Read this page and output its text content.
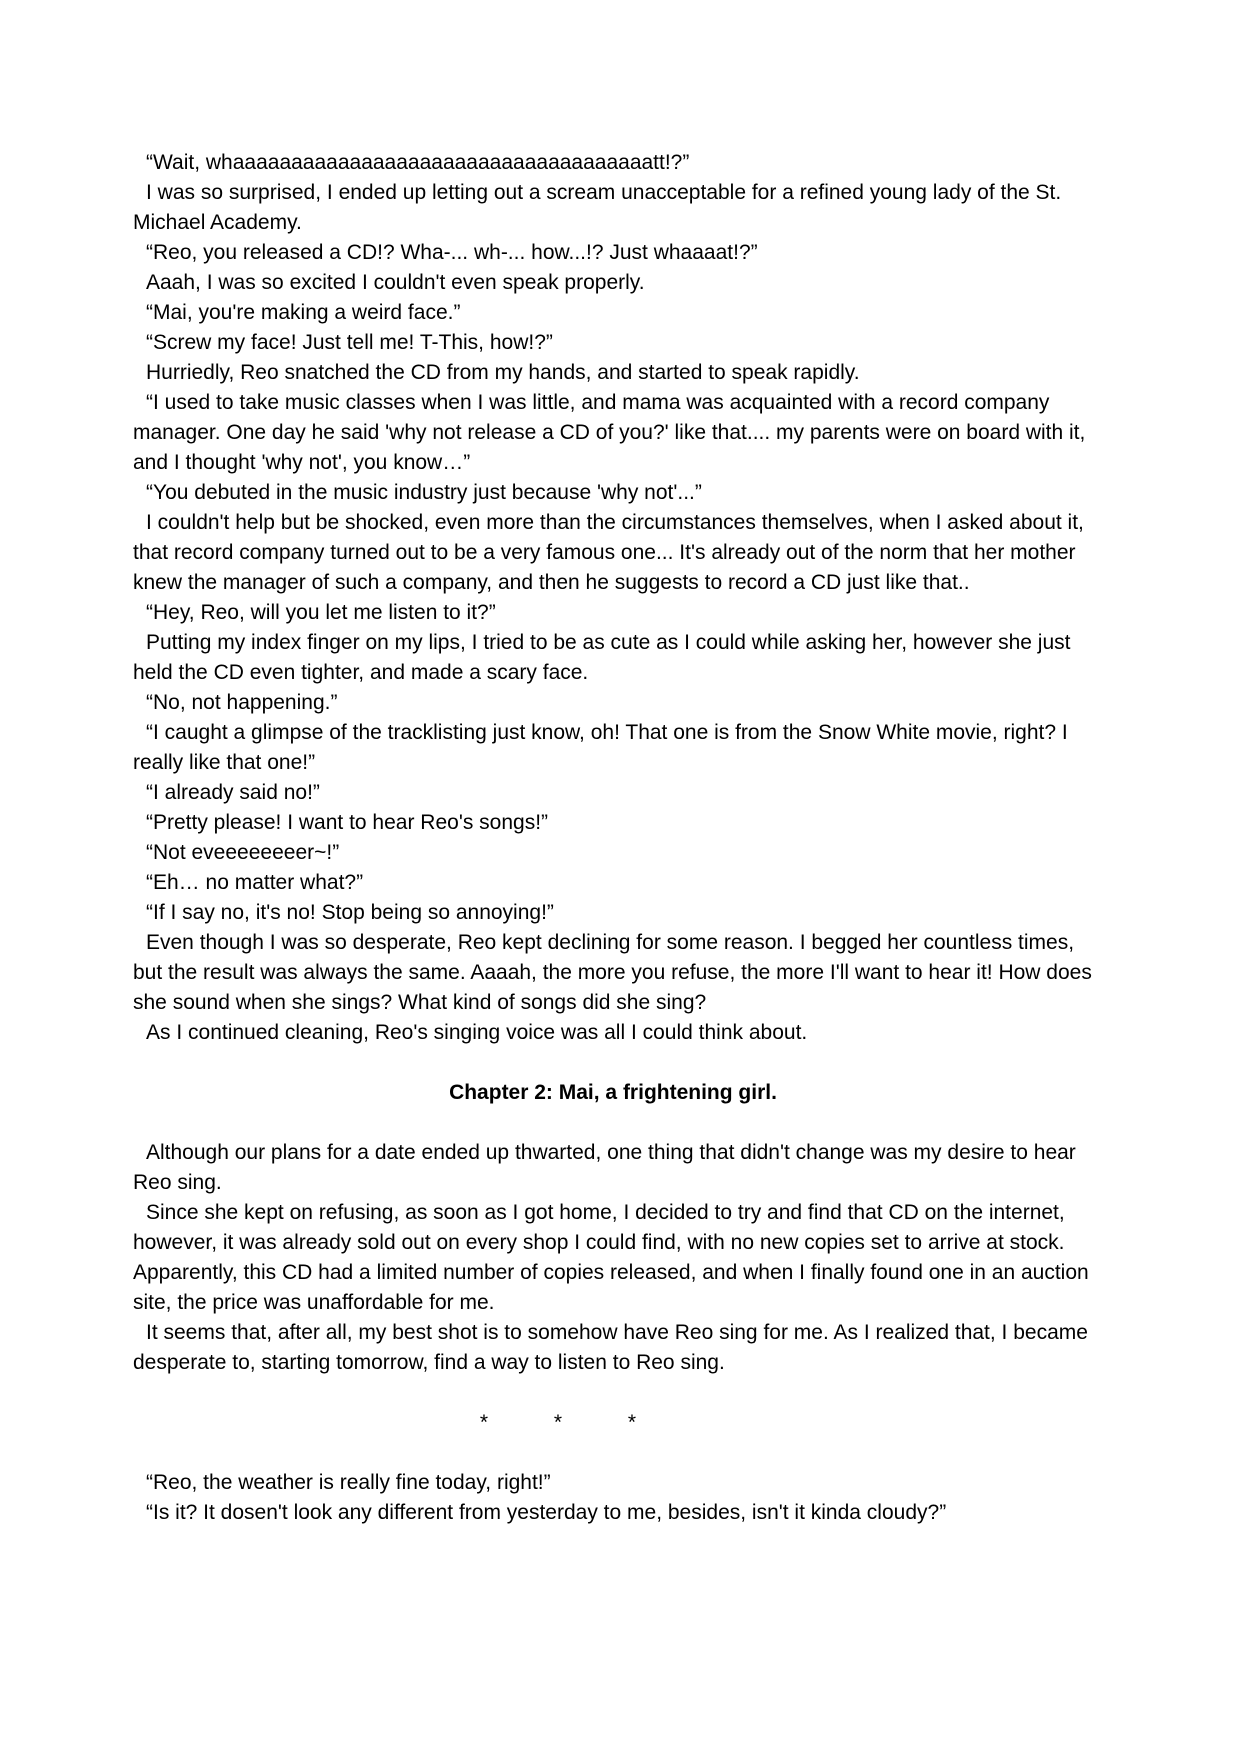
“Wait, whaaaaaaaaaaaaaaaaaaaaaaaaaaaaaaaaaaaatt!?”

I was so surprised, I ended up letting out a scream unacceptable for a refined young lady of the St. Michael Academy.

“Reo, you released a CD!? Wha-... wh-... how...!? Just whaaaat!?”

Aaah, I was so excited I couldn't even speak properly.

“Mai, you're making a weird face.”

“Screw my face! Just tell me! T-This, how!?”

Hurriedly, Reo snatched the CD from my hands, and started to speak rapidly.

“I used to take music classes when I was little, and mama was acquainted with a record company manager. One day he said 'why not release a CD of you?' like that.... my parents were on board with it, and I thought 'why not', you know…”

“You debuted in the music industry just because 'why not'...”

I couldn't help but be shocked, even more than the circumstances themselves, when I asked about it, that record company turned out to be a very famous one... It's already out of the norm that her mother knew the manager of such a company, and then he suggests to record a CD just like that..

“Hey, Reo, will you let me listen to it?”

Putting my index finger on my lips, I tried to be as cute as I could while asking her, however she just held the CD even tighter, and made a scary face.

“No, not happening.”

“I caught a glimpse of the tracklisting just know, oh! That one is from the Snow White movie, right? I really like that one!”

“I already said no!”

“Pretty please! I want to hear Reo's songs!”

“Not eveeeeeeeer~!”

“Eh… no matter what?”

“If I say no, it's no! Stop being so annoying!”

Even though I was so desperate, Reo kept declining for some reason. I begged her countless times, but the result was always the same. Aaaah, the more you refuse, the more I'll want to hear it! How does she sound when she sings? What kind of songs did she sing?

As I continued cleaning, Reo's singing voice was all I could think about.

Chapter 2: Mai, a frightening girl.

Although our plans for a date ended up thwarted, one thing that didn't change was my desire to hear Reo sing.

Since she kept on refusing, as soon as I got home, I decided to try and find that CD on the internet, however, it was already sold out on every shop I could find, with no new copies set to arrive at stock. Apparently, this CD had a limited number of copies released, and when I finally found one in an auction site, the price was unaffordable for me.

It seems that, after all, my best shot is to somehow have Reo sing for me. As I realized that, I became desperate to, starting tomorrow, find a way to listen to Reo sing.

* * *

“Reo, the weather is really fine today, right!”

“Is it? It dosen't look any different from yesterday to me, besides, isn't it kinda cloudy?”
